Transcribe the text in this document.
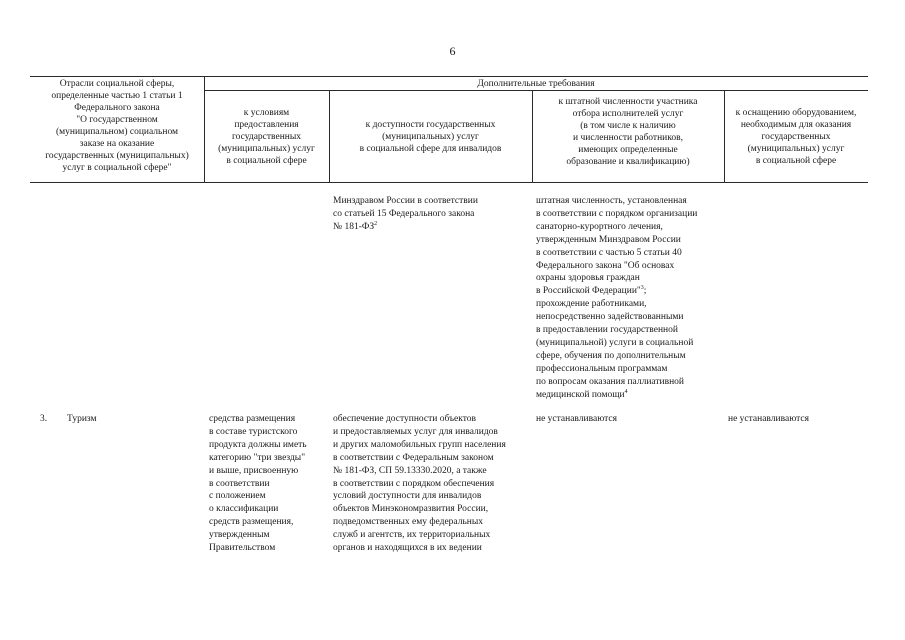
6
Отрасли социальной сферы,
определенные частью 1 статьи 1
Федерального закона
"О государственном
(муниципальном) социальном
заказе на оказание
государственных (муниципальных)
услуг в социальной сфере"
Дополнительные требования
к условиям
предоставления
государственных
(муниципальных) услуг
в социальной сфере
к доступности государственных
(муниципальных) услуг
в социальной сфере для инвалидов
к штатной численности участника
отбора исполнителей услуг
(в том числе к наличию
и численности работников,
имеющих определенные
образование и квалификацию)
к оснащению оборудованием,
необходимым для оказания
государственных
(муниципальных) услуг
в социальной сфере
Минздравом России в соответствии
со статьей 15 Федерального закона
№ $181-ФЗ^2$
штатная численность, установленная
в соответствии с порядком организации
санаторно-курортного лечения,
утвержденным Минздравом России
в соответствии с частью 5 статьи 40
Федерального закона "Об основах
охраны здоровья граждан
в Российской Федерации"$^3$;
прохождение работниками,
непосредственно задействованными
в предоставлении государственной
(муниципальной) услуги в социальной
сфере, обучения по дополнительным
профессиональным программам
по вопросам оказания паллиативной
медицинской помощи$^4$
3. Туризм	средства размещения
в составе туристского
продукта должны иметь
категорию "три звезды"
и выше, присвоенную
в соответствии
с положением
о классификации
средств размещения,
утвержденным
Правительством
обеспечение доступности объектов
и предоставляемых услуг для инвалидов
и других маломобильных групп населения
в соответствии с Федеральным законом
№ 181-ФЗ, СП 59.13330.2020, а также
в соответствии с порядком обеспечения
условий доступности для инвалидов
объектов Минэкономразвития России,
подведомственных ему федеральных
служб и агентств, их территориальных
органов и находящихся в их ведении
не устанавливаются	не устанавливаются
